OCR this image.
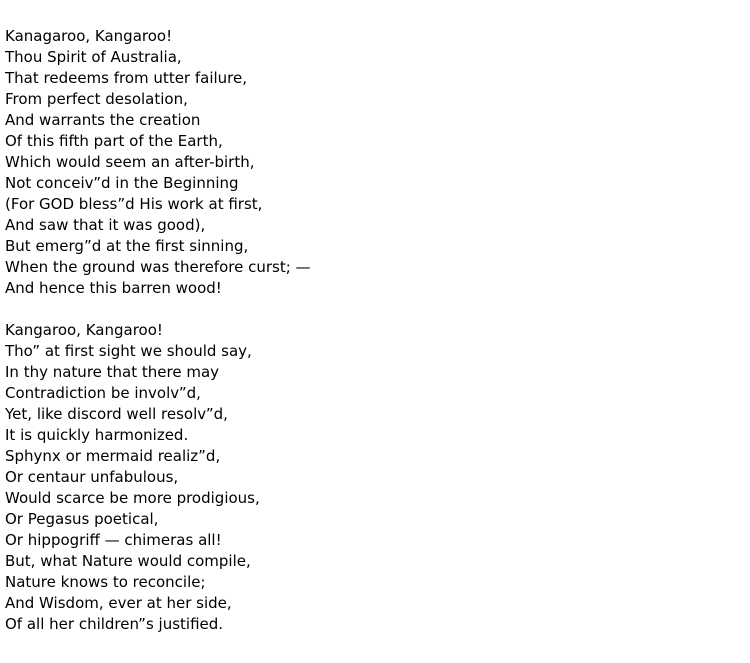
Kanagaroo, Kangaroo!
Thou Spirit of Australia,
That redeems from utter failure,
From perfect desolation,
And warrants the creation
Of this fifth part of the Earth,
Which would seem an after-birth,
Not conceiv”d in the Beginning
(For GOD bless”d His work at first,
And saw that it was good),
But emerg”d at the first sinning,
When the ground was therefore curst; —
And hence this barren wood!
Kangaroo, Kangaroo!
Tho” at first sight we should say,
In thy nature that there may
Contradiction be involv”d,
Yet, like discord well resolv”d,
It is quickly harmonized.
Sphynx or mermaid realiz”d,
Or centaur unfabulous,
Would scarce be more prodigious,
Or Pegasus poetical,
Or hippogriff — chimeras all!
But, what Nature would compile,
Nature knows to reconcile;
And Wisdom, ever at her side,
Of all her children”s justified.
